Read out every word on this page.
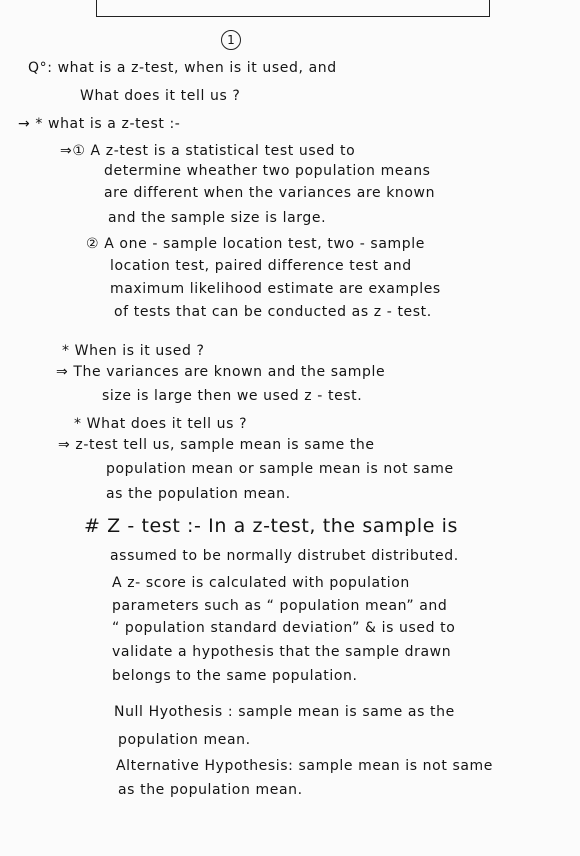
1
Q°: what is a z-test, when is it used, and
What does it tell us ?
→ * what is a z-test :-
⇒① A z-test is a statistical test used to
determine wheather two population means
are different when the variances are known
and the sample size is large.
② A one - sample location test, two - sample
location test, paired difference test and
maximum likelihood estimate are examples
of tests that can be conducted as z - test.
* When is it used ?
⇒ The variances are known and the sample
size is large then we used z - test.
* What does it tell us ?
⇒ z-test tell us, sample mean is same the
population mean or sample mean is not same
as the population mean.
# Z - test :- In a z-test, the sample is
assumed to be normally distrubet distributed.
A z- score is calculated with population
parameters such as “ population mean” and
“ population standard deviation” & is used to
validate a hypothesis that the sample drawn
belongs to the same population.
Null Hyothesis : sample mean is same as the
population mean.
Alternative Hypothesis: sample mean is not same
as the population mean.
